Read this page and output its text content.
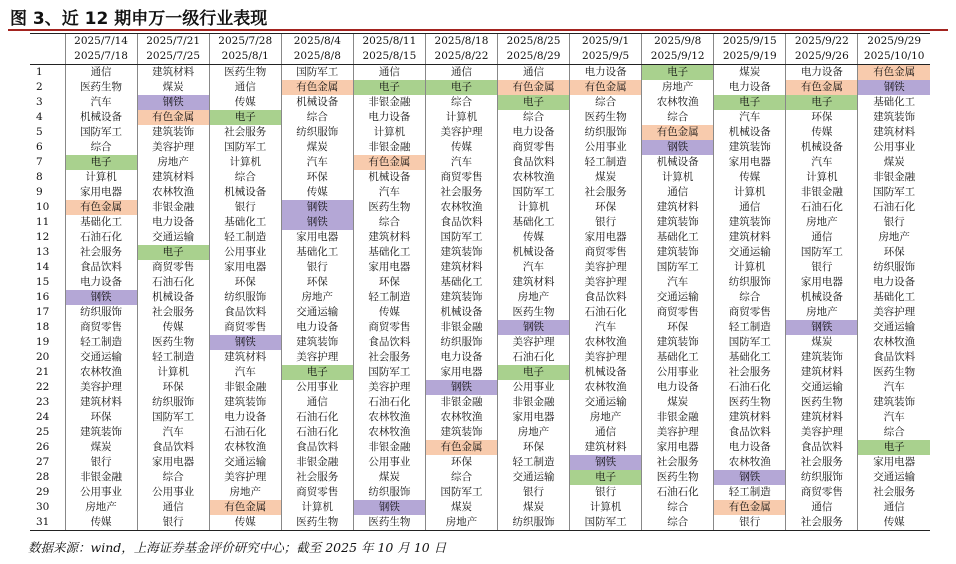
图 3、近 12 期申万一级行业表现
	2025/7/14	2025/7/21	2025/7/28	2025/8/4	2025/8/11	2025/8/18	2025/8/25	2025/9/1	2025/9/8	2025/9/15	2025/9/22	2025/9/29
	2025/7/18	2025/7/25	2025/8/1	2025/8/8	2025/8/15	2025/8/22	2025/8/29	2025/9/5	2025/9/12	2025/9/19	2025/9/26	2025/10/10
1	通信	建筑材料	医药生物	国防军工	通信	通信	通信	电力设备	电子	煤炭	电力设备	有色金属
2	医药生物	煤炭	通信	有色金属	电子	电子	有色金属	有色金属	房地产	电力设备	有色金属	钢铁
3	汽车	钢铁	传媒	机械设备	非银金融	综合	电子	综合	农林牧渔	电子	电子	基础化工
4	机械设备	有色金属	电子	综合	电力设备	计算机	综合	医药生物	综合	汽车	环保	建筑装饰
5	国防军工	建筑装饰	社会服务	纺织服饰	计算机	美容护理	电力设备	纺织服饰	有色金属	机械设备	传媒	建筑材料
6	综合	美容护理	国防军工	煤炭	非银金融	传媒	商贸零售	公用事业	钢铁	建筑装饰	机械设备	公用事业
7	电子	房地产	计算机	汽车	有色金属	汽车	食品饮料	轻工制造	机械设备	家用电器	汽车	煤炭
8	计算机	建筑材料	综合	环保	机械设备	商贸零售	农林牧渔	煤炭	计算机	传媒	计算机	非银金融
9	家用电器	农林牧渔	机械设备	传媒	汽车	社会服务	国防军工	社会服务	通信	计算机	非银金融	国防军工
10	有色金属	非银金融	银行	钢铁	医药生物	农林牧渔	计算机	环保	建筑材料	通信	石油石化	石油石化
11	基础化工	电力设备	基础化工	钢铁	综合	食品饮料	基础化工	银行	建筑装饰	建筑装饰	房地产	银行
12	石油石化	交通运输	轻工制造	家用电器	建筑材料	国防军工	传媒	家用电器	基础化工	建筑材料	通信	房地产
13	社会服务	电子	公用事业	基础化工	基础化工	建筑装饰	机械设备	商贸零售	建筑装饰	交通运输	国防军工	环保
14	食品饮料	商贸零售	家用电器	银行	家用电器	建筑材料	汽车	美容护理	国防军工	计算机	银行	纺织服饰
15	电力设备	石油石化	环保	环保	环保	基础化工	建筑材料	美容护理	汽车	纺织服饰	家用电器	电力设备
16	钢铁	机械设备	纺织服饰	房地产	轻工制造	建筑装饰	房地产	食品饮料	交通运输	综合	机械设备	基础化工
17	纺织服饰	社会服务	食品饮料	交通运输	传媒	机械设备	医药生物	石油石化	商贸零售	商贸零售	房地产	美容护理
18	商贸零售	传媒	商贸零售	电力设备	商贸零售	非银金融	钢铁	汽车	环保	轻工制造	钢铁	交通运输
19	轻工制造	医药生物	钢铁	建筑装饰	食品饮料	纺织服饰	美容护理	农林牧渔	建筑装饰	国防军工	煤炭	农林牧渔
20	交通运输	轻工制造	建筑材料	美容护理	社会服务	电力设备	石油石化	美容护理	基础化工	基础化工	建筑装饰	食品饮料
21	农林牧渔	计算机	汽车	电子	国防军工	家用电器	电子	机械设备	公用事业	社会服务	建筑材料	医药生物
22	美容护理	环保	非银金融	公用事业	美容护理	钢铁	公用事业	农林牧渔	电力设备	石油石化	交通运输	汽车
23	建筑材料	纺织服饰	建筑装饰	通信	石油石化	非银金融	非银金融	交通运输	煤炭	医药生物	医药生物	建筑装饰
24	环保	国防军工	电力设备	石油石化	农林牧渔	农林牧渔	家用电器	房地产	非银金融	建筑材料	建筑材料	汽车
25	建筑装饰	汽车	石油石化	石油石化	农林牧渔	建筑装饰	房地产	通信	美容护理	食品饮料	美容护理	综合
26	煤炭	食品饮料	农林牧渔	食品饮料	非银金融	有色金属	环保	建筑材料	家用电器	电力设备	食品饮料	电子
27	银行	家用电器	交通运输	非银金融	公用事业	环保	轻工制造	钢铁	社会服务	农林牧渔	社会服务	家用电器
28	非银金融	综合	美容护理	社会服务	煤炭	综合	交通运输	电子	医药生物	钢铁	纺织服饰	交通运输
29	公用事业	公用事业	房地产	商贸零售	纺织服饰	国防军工	银行	银行	石油石化	轻工制造	商贸零售	社会服务
30	房地产	通信	有色金属	计算机	钢铁	煤炭	煤炭	计算机	综合	有色金属	通信	通信
31	传媒	银行	传媒	医药生物	医药生物	房地产	纺织服饰	国防军工	综合	银行	社会服务	传媒
数据来源：wind，上海证券基金评价研究中心；截至 2025 年 10 月 10 日
